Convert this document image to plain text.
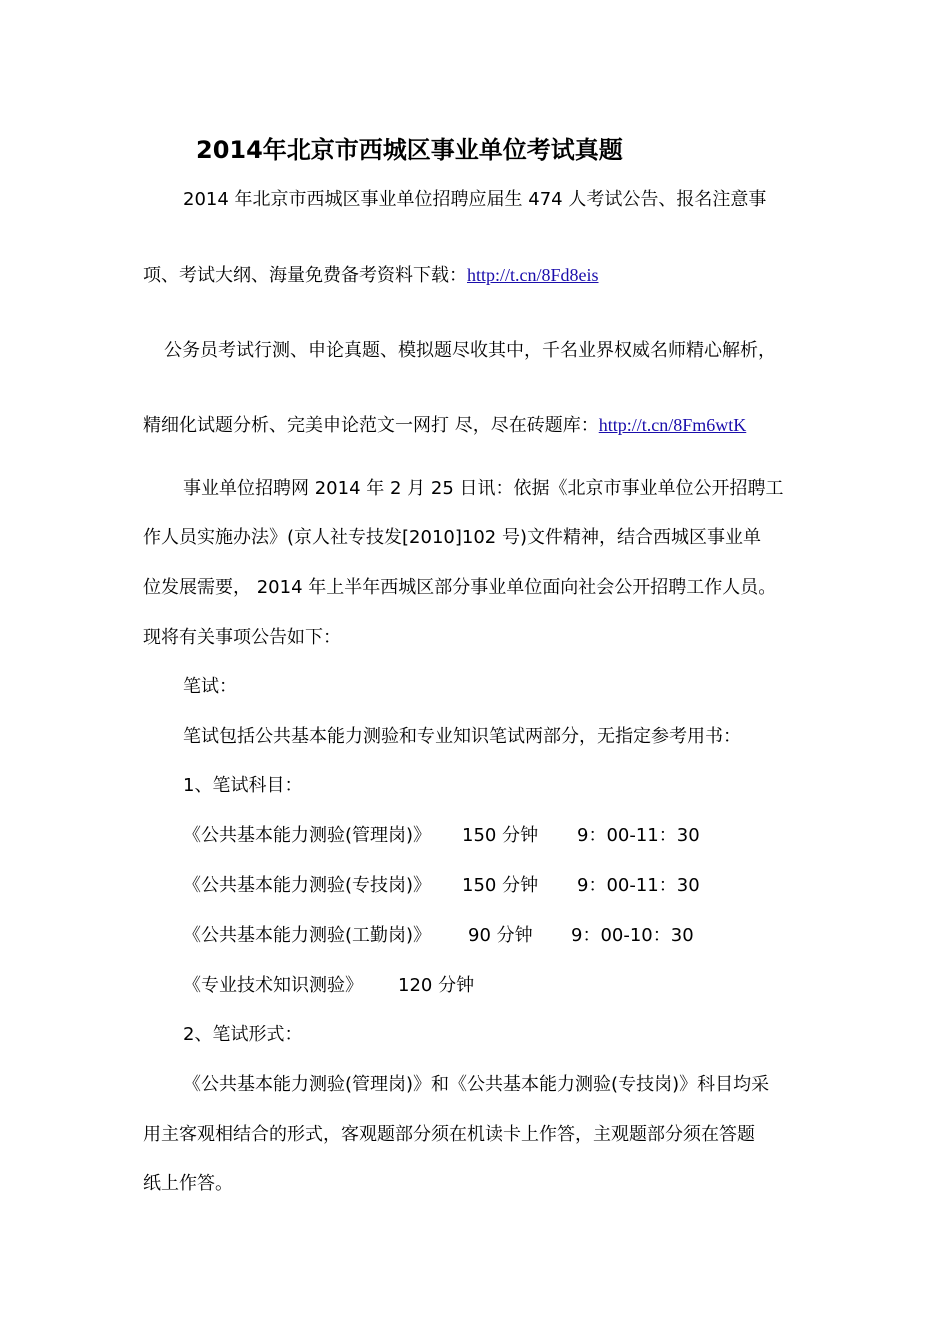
2014年北京市西城区事业单位考试真题
2014 年北京市西城区事业单位招聘应届生 474 人考试公告、报名注意事
项、考试大纲、海量免费备考资料下载：http://t.cn/8Fd8eis
公务员考试行测、申论真题、模拟题尽收其中，千名业界权威名师精心解析，
精细化试题分析、完美申论范文一网打 尽，尽在砖题库：http://t.cn/8Fm6wtK
事业单位招聘网 2014 年 2 月 25 日讯：依据《北京市事业单位公开招聘工
作人员实施办法》(京人社专技发[2010]102 号)文件精神，结合西城区事业单
位发展需要， 2014 年上半年西城区部分事业单位面向社会公开招聘工作人员。
现将有关事项公告如下：
笔试：
笔试包括公共基本能力测验和专业知识笔试两部分，无指定参考用书：
1、笔试科目：
《公共基本能力测验(管理岗)》 150 分钟 9：00-11：30
《公共基本能力测验(专技岗)》 150 分钟 9：00-11：30
《公共基本能力测验(工勤岗)》 90 分钟 9：00-10：30
《专业技术知识测验》 120 分钟
2、笔试形式：
《公共基本能力测验(管理岗)》和《公共基本能力测验(专技岗)》科目均采
用主客观相结合的形式，客观题部分须在机读卡上作答，主观题部分须在答题
纸上作答。
